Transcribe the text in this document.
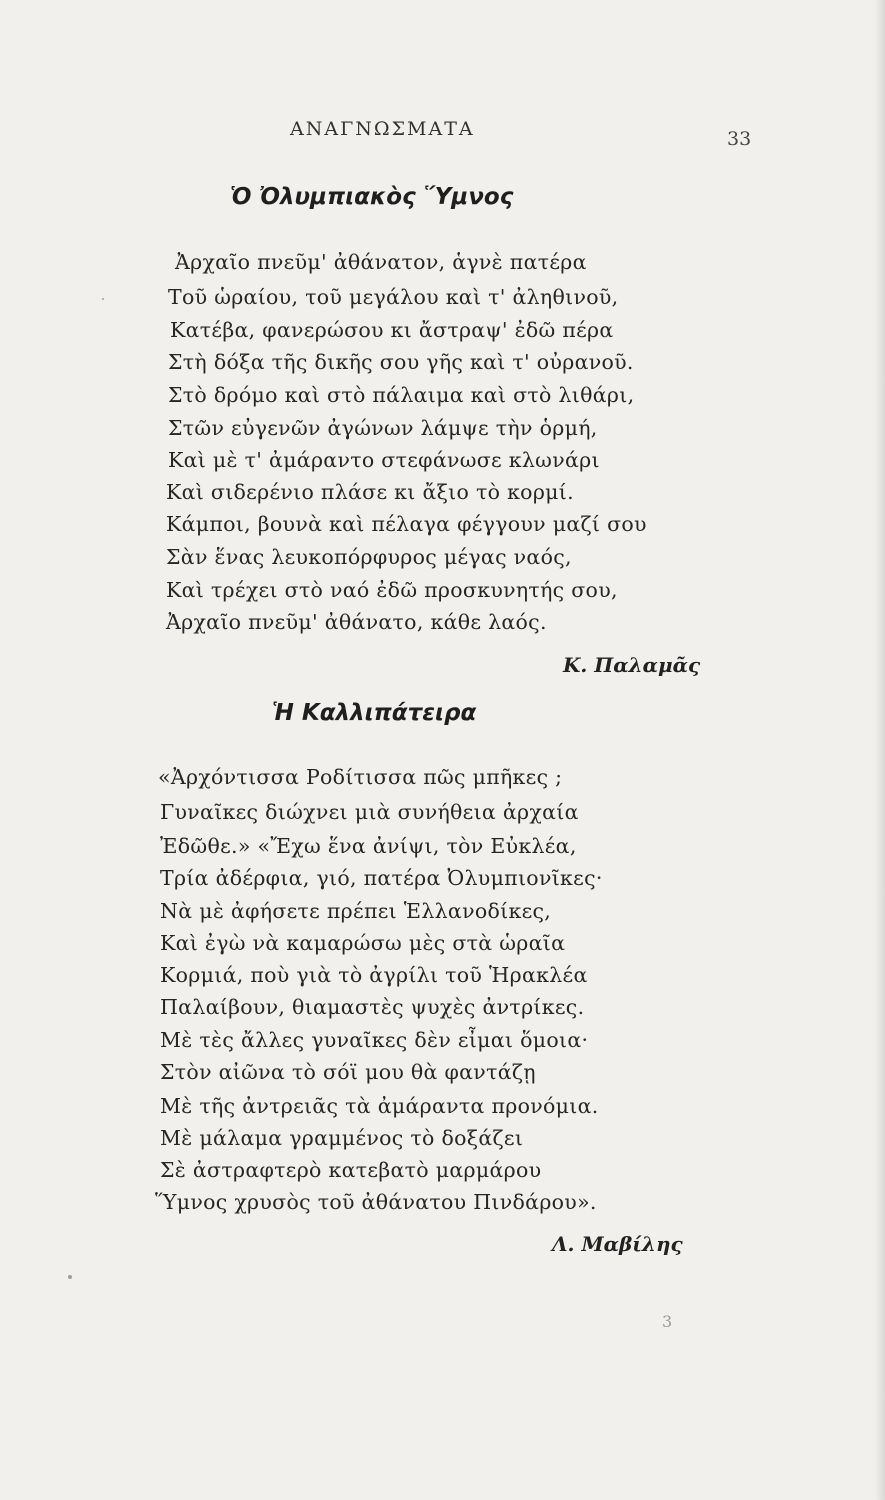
ΑΝΑΓΝΩΣΜΑΤΑ	33
Ὁ Ὀλυμπιακὸς Ὕμνος
Ἀρχαῖο πνεῦμ' ἀθάνατον, ἁγνὲ πατέρα
Τοῦ ὡραίου, τοῦ μεγάλου καὶ τ' ἀληθινοῦ,
Κατέβα, φανερώσου κι ἄστραψ' ἐδῶ πέρα
Στὴ δόξα τῆς δικῆς σου γῆς καὶ τ' οὐρανοῦ.
Στὸ δρόμο καὶ στὸ πάλαιμα καὶ στὸ λιθάρι,
Στῶν εὐγενῶν ἀγώνων λάμψε τὴν ὁρμή,
Καὶ μὲ τ' ἀμάραντο στεφάνωσε κλωνάρι
Καὶ σιδερένιο πλάσε κι ἄξιο τὸ κορμί.
Κάμποι, βουνὰ καὶ πέλαγα φέγγουν μαζί σου
Σὰν ἕνας λευκοπόρφυρος μέγας ναός,
Καὶ τρέχει στὸ ναό ἐδῶ προσκυνητής σου,
Ἀρχαῖο πνεῦμ' ἀθάνατο, κάθε λαός.
Κ. Παλαμᾶς
Ἡ Καλλιπάτειρα
«Ἀρχόντισσα Ροδίτισσα πῶς μπῆκες ;
Γυναῖκες διώχνει μιὰ συνήθεια ἀρχαία
Ἐδῶθε.» «Ἔχω ἕνα ἀνίψι, τὸν Εὐκλέα,
Τρία ἀδέρφια, γιό, πατέρα Ὀλυμπιονῖκες·
Νὰ μὲ ἀφήσετε πρέπει Ἑλλανοδίκες,
Καὶ ἐγὼ νὰ καμαρώσω μὲς στὰ ὡραῖα
Κορμιά, ποὺ γιὰ τὸ ἀγρίλι τοῦ Ἡρακλέα
Παλαίβουν, θιαμαστὲς ψυχὲς ἀντρίκες.
Μὲ τὲς ἄλλες γυναῖκες δὲν εἶμαι ὅμοια·
Στὸν αἰῶνα τὸ σόϊ μου θὰ φαντάζῃ
Μὲ τῆς ἀντρειᾶς τὰ ἀμάραντα προνόμια.
Μὲ μάλαμα γραμμένος τὸ δοξάζει
Σὲ ἀστραφτερὸ κατεβατὸ μαρμάρου
Ὕμνος χρυσὸς τοῦ ἀθάνατου Πινδάρου».
Λ. Μαβίλης
3
